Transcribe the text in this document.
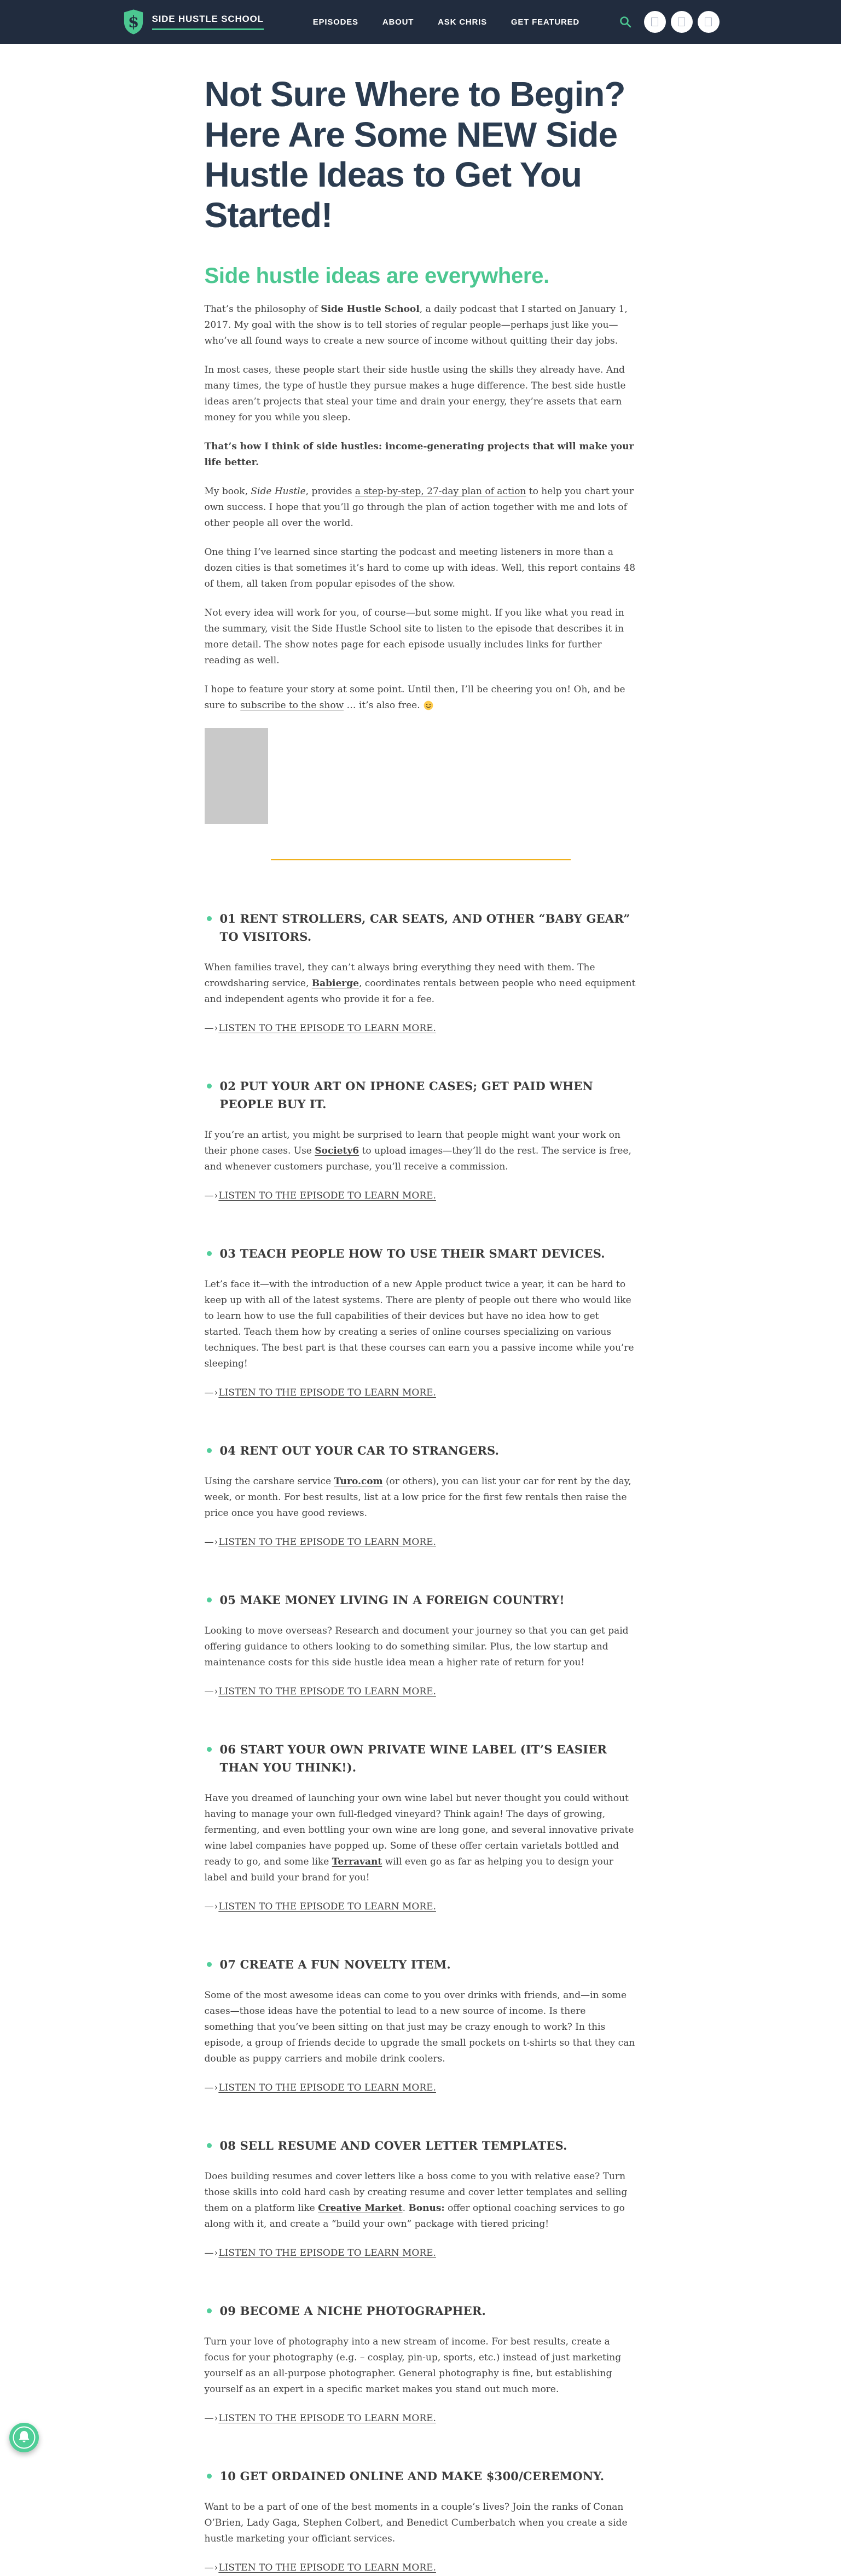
$ SIDE HUSTLE SCHOOL	EPISODES	ABOUT	ASK CHRIS	GET FEATURED
Not Sure Where to Begin? Here Are Some NEW Side Hustle Ideas to Get You Started!
Side hustle ideas are everywhere.

That’s the philosophy of Side Hustle School, a daily podcast that I started on January 1, 2017. My goal with the show is to tell stories of regular people—perhaps just like you—who’ve all found ways to create a new source of income without quitting their day jobs.

In most cases, these people start their side hustle using the skills they already have. And many times, the type of hustle they pursue makes a huge difference. The best side hustle ideas aren’t projects that steal your time and drain your energy, they’re assets that earn money for you while you sleep.

That’s how I think of side hustles: income-generating projects that will make your life better.

My book, Side Hustle, provides a step-by-step, 27-day plan of action to help you chart your own success. I hope that you’ll go through the plan of action together with me and lots of other people all over the world.

One thing I’ve learned since starting the podcast and meeting listeners in more than a dozen cities is that sometimes it’s hard to come up with ideas. Well, this report contains 48 of them, all taken from popular episodes of the show.

Not every idea will work for you, of course—but some might. If you like what you read in the summary, visit the Side Hustle School site to listen to the episode that describes it in more detail. The show notes page for each episode usually includes links for further reading as well.

I hope to feature your story at some point. Until then, I’ll be cheering you on! Oh, and be sure to subscribe to the show … it’s also free.

01 RENT STROLLERS, CAR SEATS, AND OTHER “BABY GEAR” TO VISITORS.

When families travel, they can’t always bring everything they need with them. The crowdsharing service, Babierge, coordinates rentals between people who need equipment and independent agents who provide it for a fee.

—›LISTEN TO THE EPISODE TO LEARN MORE.

02 PUT YOUR ART ON IPHONE CASES; GET PAID WHEN PEOPLE BUY IT.

If you’re an artist, you might be surprised to learn that people might want your work on their phone cases. Use Society6 to upload images—they’ll do the rest. The service is free, and whenever customers purchase, you’ll receive a commission.

—›LISTEN TO THE EPISODE TO LEARN MORE.

03 TEACH PEOPLE HOW TO USE THEIR SMART DEVICES.

Let’s face it—with the introduction of a new Apple product twice a year, it can be hard to keep up with all of the latest systems. There are plenty of people out there who would like to learn how to use the full capabilities of their devices but have no idea how to get started. Teach them how by creating a series of online courses specializing on various techniques. The best part is that these courses can earn you a passive income while you’re sleeping!

—›LISTEN TO THE EPISODE TO LEARN MORE.

04 RENT OUT YOUR CAR TO STRANGERS.

Using the carshare service Turo.com (or others), you can list your car for rent by the day, week, or month. For best results, list at a low price for the first few rentals then raise the price once you have good reviews.

—›LISTEN TO THE EPISODE TO LEARN MORE.

05 MAKE MONEY LIVING IN A FOREIGN COUNTRY!

Looking to move overseas? Research and document your journey so that you can get paid offering guidance to others looking to do something similar. Plus, the low startup and maintenance costs for this side hustle idea mean a higher rate of return for you!

—›LISTEN TO THE EPISODE TO LEARN MORE.

06 START YOUR OWN PRIVATE WINE LABEL (IT’S EASIER THAN YOU THINK!).

Have you dreamed of launching your own wine label but never thought you could without having to manage your own full-fledged vineyard? Think again! The days of growing, fermenting, and even bottling your own wine are long gone, and several innovative private wine label companies have popped up. Some of these offer certain varietals bottled and ready to go, and some like Terravant will even go as far as helping you to design your label and build your brand for you!

—›LISTEN TO THE EPISODE TO LEARN MORE.

07 CREATE A FUN NOVELTY ITEM.

Some of the most awesome ideas can come to you over drinks with friends, and—in some cases—those ideas have the potential to lead to a new source of income. Is there something that you’ve been sitting on that just may be crazy enough to work? In this episode, a group of friends decide to upgrade the small pockets on t-shirts so that they can double as puppy carriers and mobile drink coolers.

—›LISTEN TO THE EPISODE TO LEARN MORE.

08 SELL RESUME AND COVER LETTER TEMPLATES.

Does building resumes and cover letters like a boss come to you with relative ease? Turn those skills into cold hard cash by creating resume and cover letter templates and selling them on a platform like Creative Market. Bonus: offer optional coaching services to go along with it, and create a “build your own” package with tiered pricing!

—›LISTEN TO THE EPISODE TO LEARN MORE.

09 BECOME A NICHE PHOTOGRAPHER.

Turn your love of photography into a new stream of income. For best results, create a focus for your photography (e.g. – cosplay, pin-up, sports, etc.) instead of just marketing yourself as an all-purpose photographer. General photography is fine, but establishing yourself as an expert in a specific market makes you stand out much more.

—›LISTEN TO THE EPISODE TO LEARN MORE.

10 GET ORDAINED ONLINE AND MAKE $300/CEREMONY.

Want to be a part of one of the best moments in a couple’s lives? Join the ranks of Conan O’Brien, Lady Gaga, Stephen Colbert, and Benedict Cumberbatch when you create a side hustle marketing your officiant services.

—›LISTEN TO THE EPISODE TO LEARN MORE.
